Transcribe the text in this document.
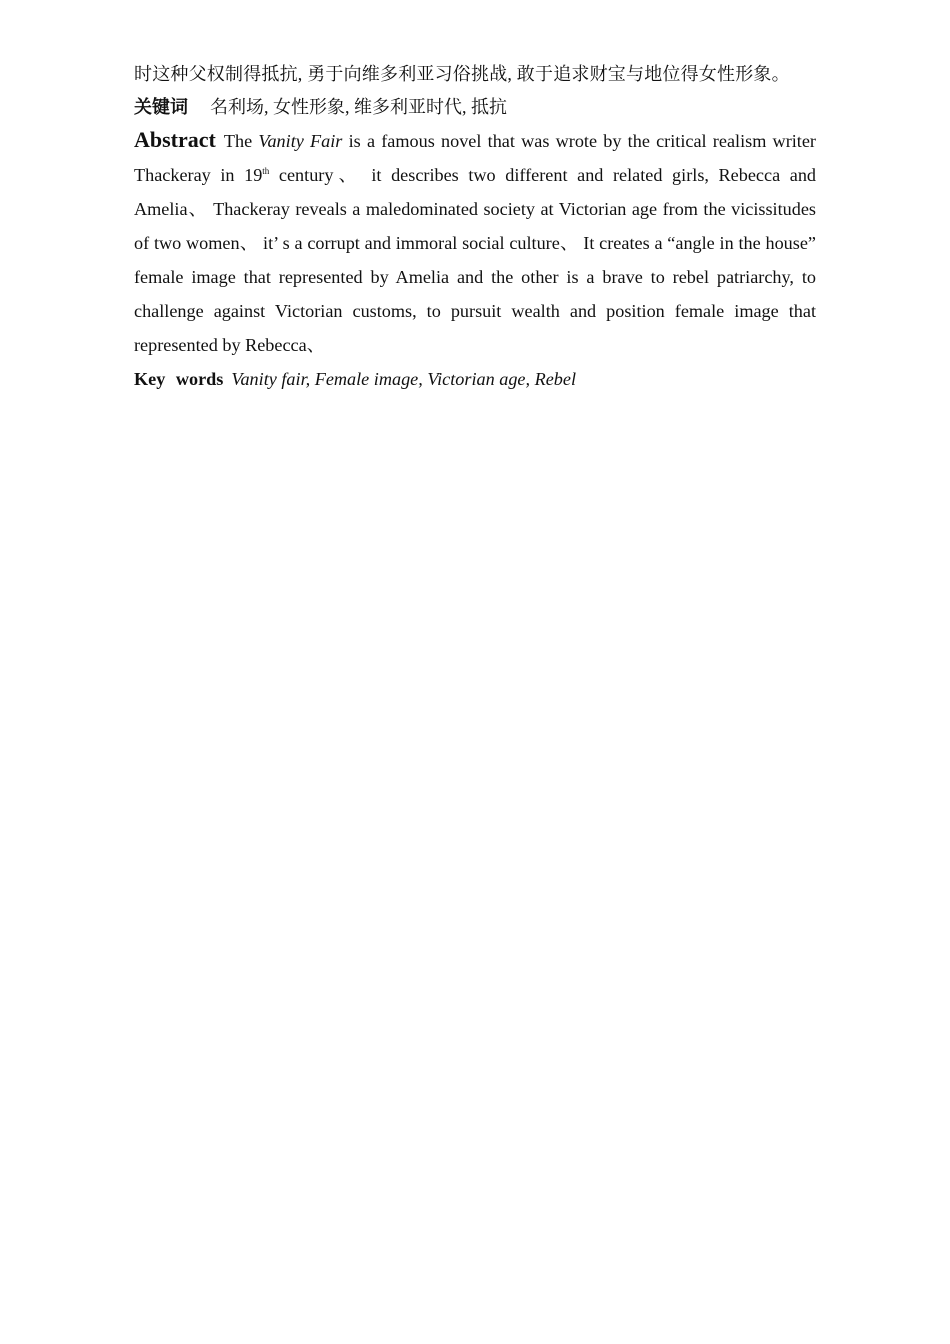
时这种父权制得抵抗, 勇于向维多利亚习俗挑战, 敢于追求财宝与地位得女性形象。
关键词 名利场, 女性形象, 维多利亚时代, 抵抗
Abstract The Vanity Fair is a famous novel that was wrote by the critical realism writer Thackeray in 19th century、 it describes two different and related girls, Rebecca and Amelia、 Thackeray reveals a maledominated society at Victorian age from the vicissitudes of two women、 it’ s a corrupt and immoral social culture、 It creates a “angle in the house” female image that represented by Amelia and the other is a brave to rebel patriarchy, to challenge against Victorian customs, to pursuit wealth and position female image that represented by Rebecca、
Key words Vanity fair, Female image, Victorian age, Rebel
